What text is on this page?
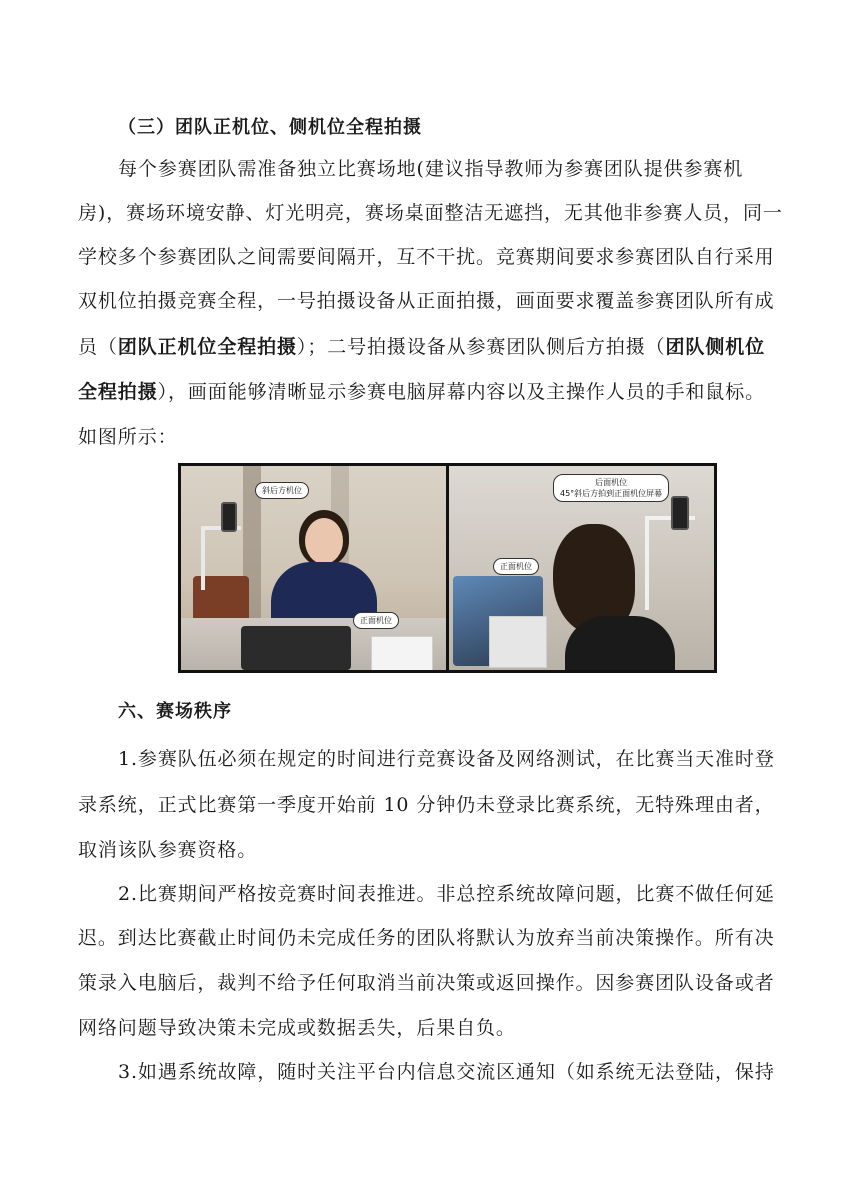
（三）团队正机位、侧机位全程拍摄
每个参赛团队需准备独立比赛场地(建议指导教师为参赛团队提供参赛机
房)，赛场环境安静、灯光明亮，赛场桌面整洁无遮挡，无其他非参赛人员，同一
学校多个参赛团队之间需要间隔开，互不干扰。竞赛期间要求参赛团队自行采用
双机位拍摄竞赛全程，一号拍摄设备从正面拍摄，画面要求覆盖参赛团队所有成
员（团队正机位全程拍摄）；二号拍摄设备从参赛团队侧后方拍摄（团队侧机位
全程拍摄），画面能够清晰显示参赛电脑屏幕内容以及主操作人员的手和鼠标。
如图所示：
斜后方机位
正面机位
后面机位
45°斜后方拍到正面机位屏幕
正面机位
六、赛场秩序
1.参赛队伍必须在规定的时间进行竞赛设备及网络测试，在比赛当天准时登
录系统，正式比赛第一季度开始前 10 分钟仍未登录比赛系统，无特殊理由者，
取消该队参赛资格。
2.比赛期间严格按竞赛时间表推进。非总控系统故障问题，比赛不做任何延
迟。到达比赛截止时间仍未完成任务的团队将默认为放弃当前决策操作。所有决
策录入电脑后，裁判不给予任何取消当前决策或返回操作。因参赛团队设备或者
网络问题导致决策未完成或数据丢失，后果自负。
3.如遇系统故障，随时关注平台内信息交流区通知（如系统无法登陆，保持
